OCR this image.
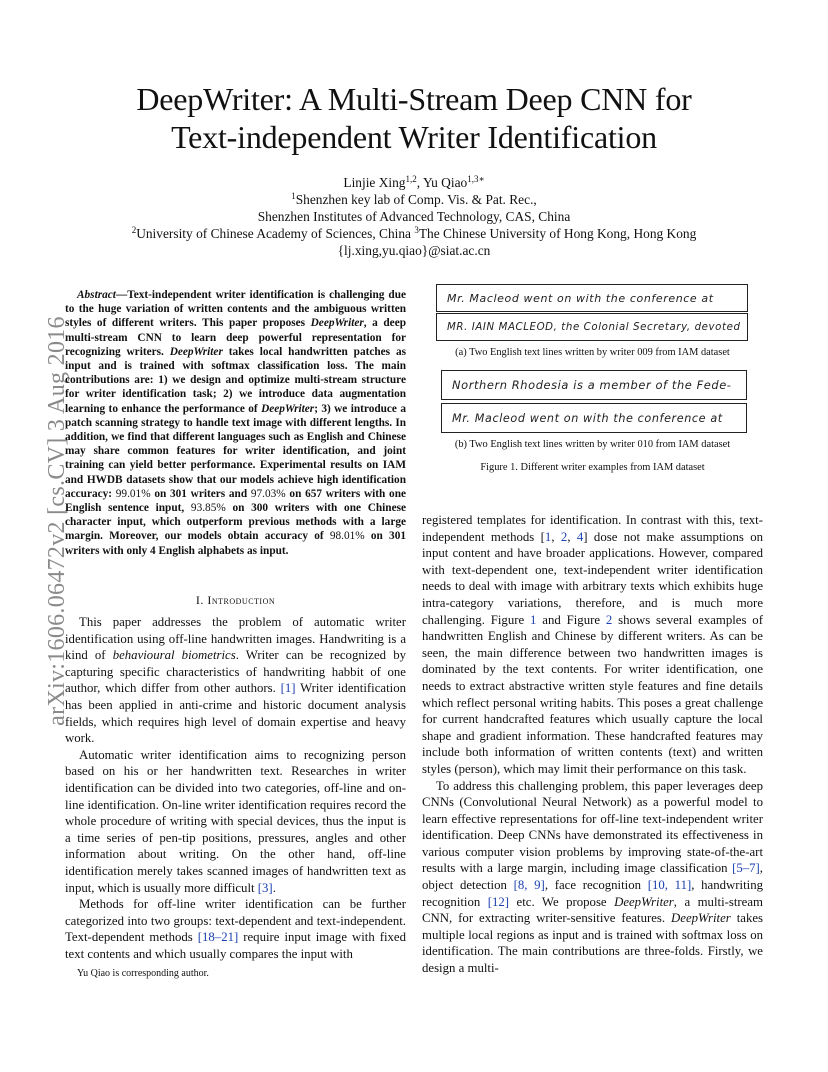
DeepWriter: A Multi-Stream Deep CNN for
Text-independent Writer Identification
Linjie Xing$^{1,2}$, Yu Qiao$^{1,3∗}$
$^1$Shenzhen key lab of Comp. Vis. & Pat. Rec.,
Shenzhen Institutes of Advanced Technology, CAS, China
$^2$University of Chinese Academy of Sciences, China $^3$The Chinese University of Hong Kong, Hong Kong
{lj.xing,yu.qiao}@siat.ac.cn
arXiv:1606.06472v2 [cs.CV] 3 Aug 2016
Abstract—Text-independent writer identification is challenging due to the huge variation of written contents and the ambiguous written styles of different writers. This paper proposes DeepWriter, a deep multi-stream CNN to learn deep powerful representation for recognizing writers. DeepWriter takes local handwritten patches as input and is trained with softmax classification loss. The main contributions are: 1) we design and optimize multi-stream structure for writer identification task; 2) we introduce data augmentation learning to enhance the performance of DeepWriter; 3) we introduce a patch scanning strategy to handle text image with different lengths. In addition, we find that different languages such as English and Chinese may share common features for writer identification, and joint training can yield better performance. Experimental results on IAM and HWDB datasets show that our models achieve high identification accuracy: 99.01% on 301 writers and 97.03% on 657 writers with one English sentence input, 93.85% on 300 writers with one Chinese character input, which outperform previous methods with a large margin. Moreover, our models obtain accuracy of 98.01% on 301 writers with only 4 English alphabets as input.
I. Introduction

This paper addresses the problem of automatic writer identification using off-line handwritten images. Handwriting is a kind of behavioural biometrics. Writer can be recognized by capturing specific characteristics of handwriting habbit of one author, which differ from other authors. [1] Writer identification has been applied in anti-crime and historic document analysis fields, which requires high level of domain expertise and heavy work.

Automatic writer identification aims to recognizing person based on his or her handwritten text. Researches in writer identification can be divided into two categories, off-line and on-line identification. On-line writer identification requires record the whole procedure of writing with special devices, thus the input is a time series of pen-tip positions, pressures, angles and other information about writing. On the other hand, off-line identification merely takes scanned images of handwritten text as input, which is usually more difficult [3].

Methods for off-line writer identification can be further categorized into two groups: text-dependent and text-independent. Text-dependent methods [18–21] require input image with fixed text contents and which usually compares the input with

Yu Qiao is corresponding author.
Mr. Macleod went on with the conference at
MR. IAIN MACLEOD, the Colonial Secretary, devoted
(a) Two English text lines written by writer 009 from IAM dataset
Northern Rhodesia is a member of the Fede-
Mr. Macleod went on with the conference at
(b) Two English text lines written by writer 010 from IAM dataset
Figure 1. Different writer examples from IAM dataset

registered templates for identification. In contrast with this, text-independent methods [1, 2, 4] dose not make assumptions on input content and have broader applications. However, compared with text-dependent one, text-independent writer identification needs to deal with image with arbitrary texts which exhibits huge intra-category variations, therefore, and is much more challenging. Figure 1 and Figure 2 shows several examples of handwritten English and Chinese by different writers. As can be seen, the main difference between two handwritten images is dominated by the text contents. For writer identification, one needs to extract abstractive written style features and fine details which reflect personal writing habits. This poses a great challenge for current handcrafted features which usually capture the local shape and gradient information. These handcrafted features may include both information of written contents (text) and written styles (person), which may limit their performance on this task.

To address this challenging problem, this paper leverages deep CNNs (Convolutional Neural Network) as a powerful model to learn effective representations for off-line text-independent writer identification. Deep CNNs have demonstrated its effectiveness in various computer vision problems by improving state-of-the-art results with a large margin, including image classification [5–7], object detection [8, 9], face recognition [10, 11], handwriting recognition [12] etc. We propose DeepWriter, a multi-stream CNN, for extracting writer-sensitive features. DeepWriter takes multiple local regions as input and is trained with softmax loss on identification. The main contributions are three-folds. Firstly, we design a multi-
